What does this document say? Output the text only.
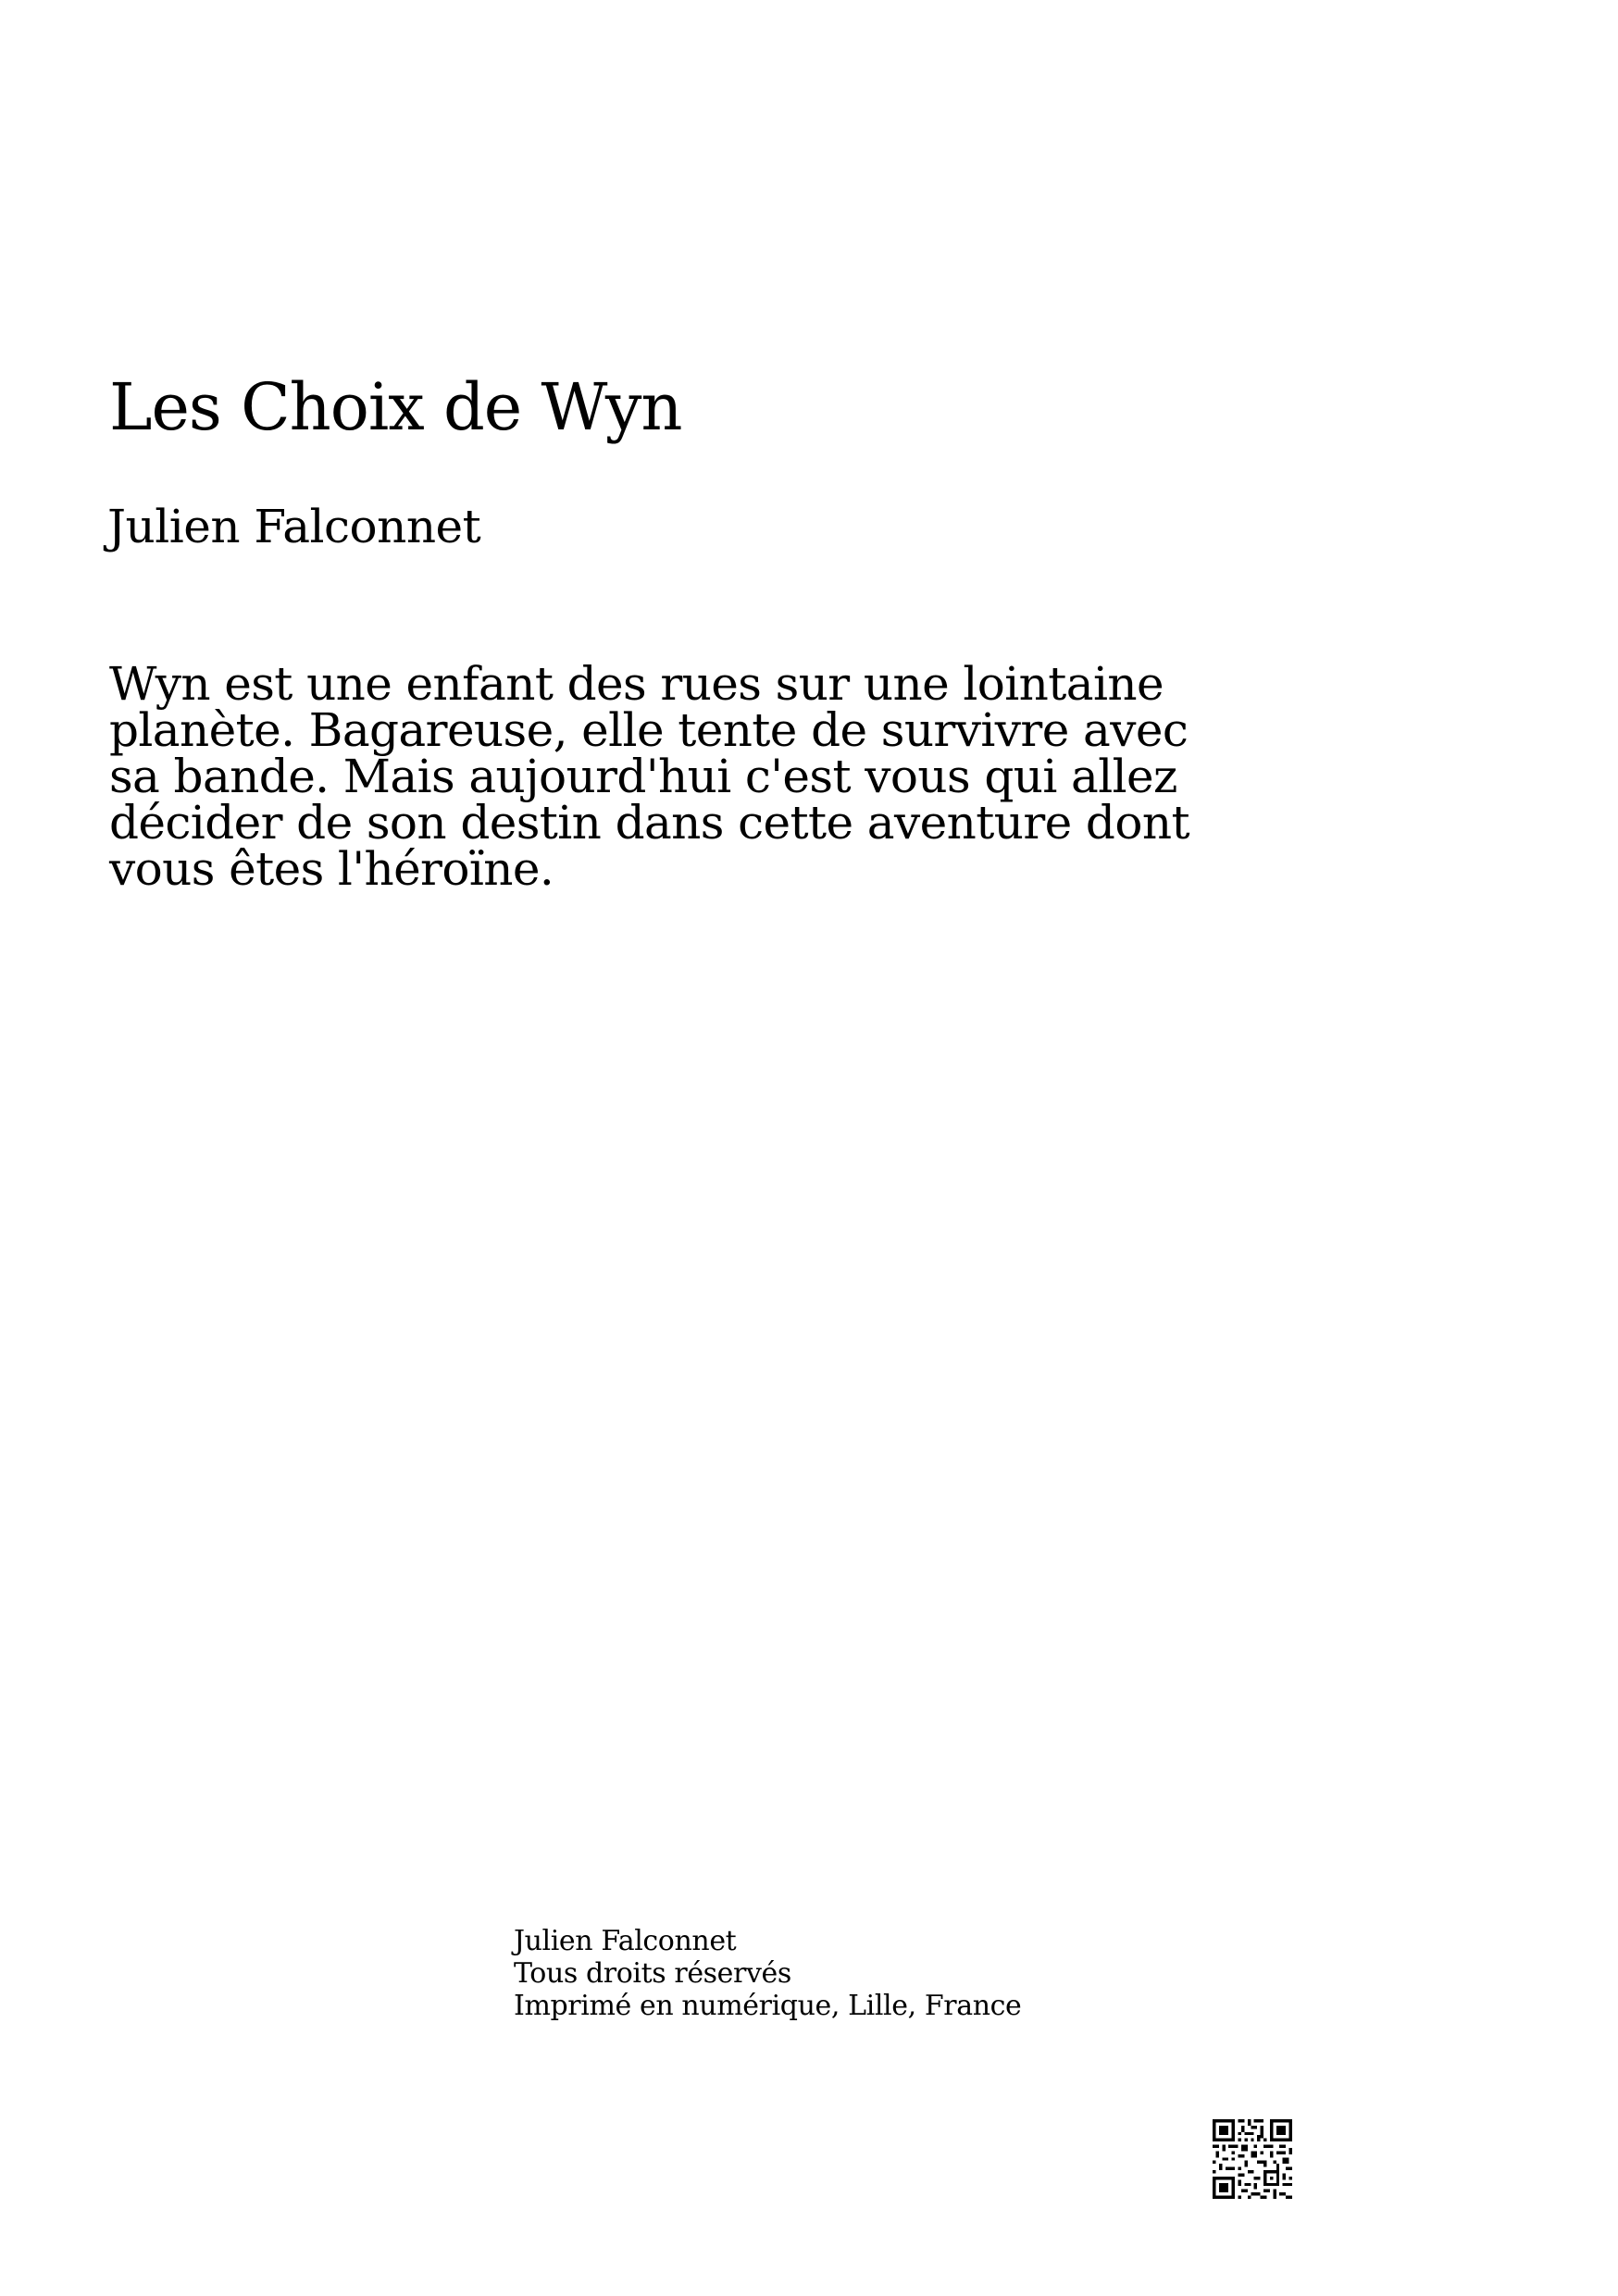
Les Choix de Wyn
Julien Falconnet

Wyn est une enfant des rues sur une lointaine planète. Bagareuse, elle tente de survivre avec sa bande. Mais aujourd'hui c'est vous qui allez décider de son destin dans cette aventure dont vous êtes l'héroïne.

Julien Falconnet
Tous droits réservés
Imprimé en numérique, Lille, France
